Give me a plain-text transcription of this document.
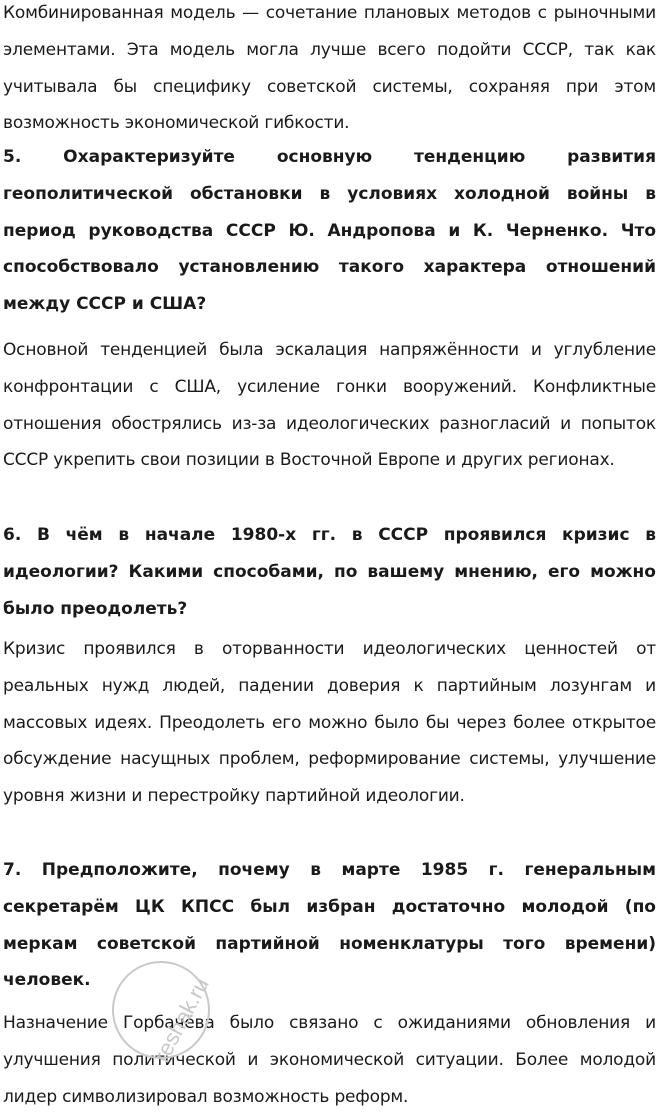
Комбинированная модель — сочетание плановых методов с рыночными элементами. Эта модель могла лучше всего подойти СССР, так как учитывала бы специфику советской системы, сохраняя при этом возможность экономической гибкости.

5. Охарактеризуйте основную тенденцию развития геополитической обстановки в условиях холодной войны в период руководства СССР Ю. Андропова и К. Черненко. Что способствовало установлению такого характера отношений между СССР и США?

Основной тенденцией была эскалация напряжённости и углубление конфронтации с США, усиление гонки вооружений. Конфликтные отношения обострялись из-за идеологических разногласий и попыток СССР укрепить свои позиции в Восточной Европе и других регионах.

6. В чём в начале 1980-х гг. в СССР проявился кризис в идеологии? Какими способами, по вашему мнению, его можно было преодолеть?

Кризис проявился в оторванности идеологических ценностей от реальных нужд людей, падении доверия к партийным лозунгам и массовых идеях. Преодолеть его можно было бы через более открытое обсуждение насущных проблем, реформирование системы, улучшение уровня жизни и перестройку партийной идеологии.

7. Предположите, почему в марте 1985 г. генеральным секретарём ЦК КПСС был избран достаточно молодой (по меркам советской партийной номенклатуры того времени) человек.

Назначение Горбачёва было связано с ожиданиями обновления и улучшения политической и экономической ситуации. Более молодой лидер символизировал возможность реформ.

reshak.ru
